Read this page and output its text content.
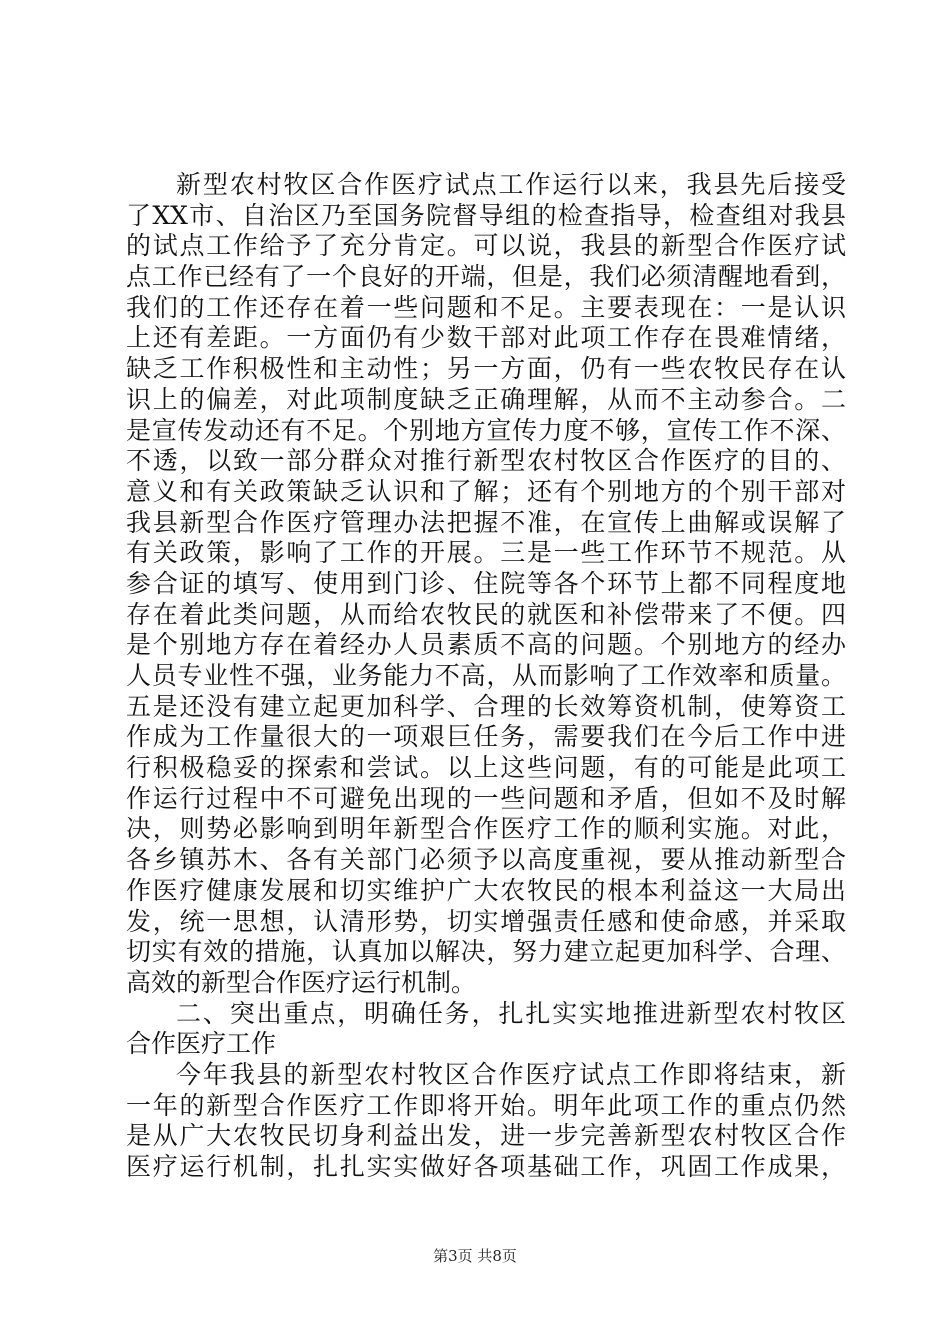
新型农村牧区合作医疗试点工作运行以来，我县先后接受
了XX市、自治区乃至国务院督导组的检查指导，检查组对我县
的试点工作给予了充分肯定。可以说，我县的新型合作医疗试
点工作已经有了一个良好的开端，但是，我们必须清醒地看到，
我们的工作还存在着一些问题和不足。主要表现在：一是认识
上还有差距。一方面仍有少数干部对此项工作存在畏难情绪，
缺乏工作积极性和主动性；另一方面，仍有一些农牧民存在认
识上的偏差，对此项制度缺乏正确理解，从而不主动参合。二
是宣传发动还有不足。个别地方宣传力度不够，宣传工作不深、
不透，以致一部分群众对推行新型农村牧区合作医疗的目的、
意义和有关政策缺乏认识和了解；还有个别地方的个别干部对
我县新型合作医疗管理办法把握不准，在宣传上曲解或误解了
有关政策，影响了工作的开展。三是一些工作环节不规范。从
参合证的填写、使用到门诊、住院等各个环节上都不同程度地
存在着此类问题，从而给农牧民的就医和补偿带来了不便。四
是个别地方存在着经办人员素质不高的问题。个别地方的经办
人员专业性不强，业务能力不高，从而影响了工作效率和质量。
五是还没有建立起更加科学、合理的长效筹资机制，使筹资工
作成为工作量很大的一项艰巨任务，需要我们在今后工作中进
行积极稳妥的探索和尝试。以上这些问题，有的可能是此项工
作运行过程中不可避免出现的一些问题和矛盾，但如不及时解
决，则势必影响到明年新型合作医疗工作的顺利实施。对此，
各乡镇苏木、各有关部门必须予以高度重视，要从推动新型合
作医疗健康发展和切实维护广大农牧民的根本利益这一大局出
发，统一思想，认清形势，切实增强责任感和使命感，并采取
切实有效的措施，认真加以解决，努力建立起更加科学、合理、
高效的新型合作医疗运行机制。
二、突出重点，明确任务，扎扎实实地推进新型农村牧区
合作医疗工作
今年我县的新型农村牧区合作医疗试点工作即将结束，新
一年的新型合作医疗工作即将开始。明年此项工作的重点仍然
是从广大农牧民切身利益出发，进一步完善新型农村牧区合作
医疗运行机制，扎扎实实做好各项基础工作，巩固工作成果，
第3页 共8页
